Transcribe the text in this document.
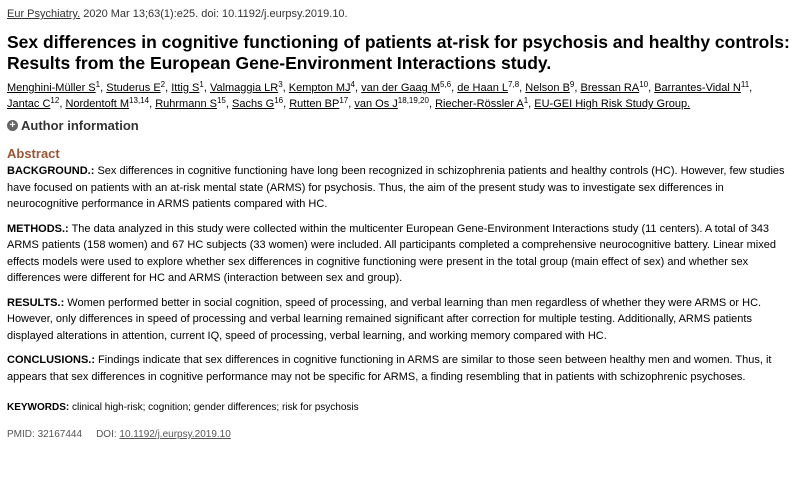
Eur Psychiatry. 2020 Mar 13;63(1):e25. doi: 10.1192/j.eurpsy.2019.10.
Sex differences in cognitive functioning of patients at-risk for psychosis and healthy controls: Results from the European Gene-Environment Interactions study.
Menghini-Müller $S^1$, Studerus $E^2$, Ittig $S^1$, Valmaggia $LR^3$, Kempton $MJ^4$, van der Gaag M$^{5,6}$, de Haan L$^{7,8}$, Nelson $B^9$, Bressan RA$^{10}$, Barrantes-Vidal $N^{11}$, Jantac $C^{12}$, Nordentoft M$^{13,14}$, Ruhrmann $S^{15}$, Sachs $G^{16}$, Rutten BP$^{17}$, van Os J$^{18,19,20}$, Riecher-Rössler $A^1$, EU-GEI High Risk Study Group.
+ Author information
Abstract

BACKGROUND.: Sex differences in cognitive functioning have long been recognized in schizophrenia patients and healthy controls (HC). However, few studies have focused on patients with an at-risk mental state (ARMS) for psychosis. Thus, the aim of the present study was to investigate sex differences in neurocognitive performance in ARMS patients compared with HC.

METHODS.: The data analyzed in this study were collected within the multicenter European Gene-Environment Interactions study (11 centers). A total of 343 ARMS patients (158 women) and 67 HC subjects (33 women) were included. All participants completed a comprehensive neurocognitive battery. Linear mixed effects models were used to explore whether sex differences in cognitive functioning were present in the total group (main effect of sex) and whether sex differences were different for HC and ARMS (interaction between sex and group).

RESULTS.: Women performed better in social cognition, speed of processing, and verbal learning than men regardless of whether they were ARMS or HC. However, only differences in speed of processing and verbal learning remained significant after correction for multiple testing. Additionally, ARMS patients displayed alterations in attention, current IQ, speed of processing, verbal learning, and working memory compared with HC.

CONCLUSIONS.: Findings indicate that sex differences in cognitive functioning in ARMS are similar to those seen between healthy men and women. Thus, it appears that sex differences in cognitive performance may not be specific for ARMS, a finding resembling that in patients with schizophrenic psychoses.

KEYWORDS: clinical high-risk; cognition; gender differences; risk for psychosis
PMID: 32167444 DOI: 10.1192/j.eurpsy.2019.10
